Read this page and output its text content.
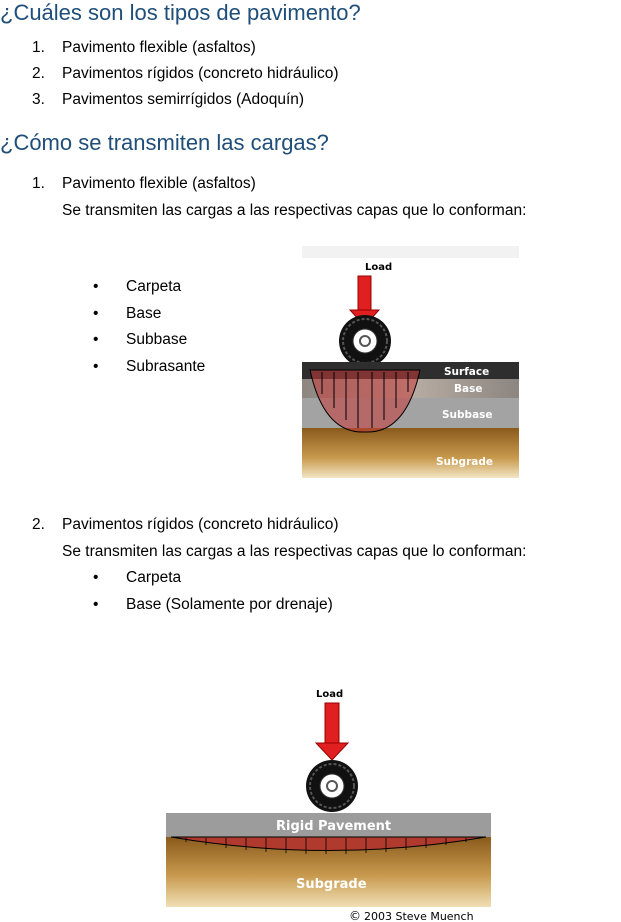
¿Cuáles son los tipos de pavimento?
1. Pavimento flexible (asfaltos)
2. Pavimentos rígidos (concreto hidráulico)
3. Pavimentos semirrígidos (Adoquín)
¿Cómo se transmiten las cargas?
1. Pavimento flexible (asfaltos)
Se transmiten las cargas a las respectivas capas que lo conforman:
• Carpeta
• Base
• Subbase
• Subrasante
Load
Surface
Base
Subbase
Subgrade
2. Pavimentos rígidos (concreto hidráulico)
Se transmiten las cargas a las respectivas capas que lo conforman:
• Carpeta
• Base (Solamente por drenaje)
Load
Rigid Pavement
Subgrade
© 2003 Steve Muench
